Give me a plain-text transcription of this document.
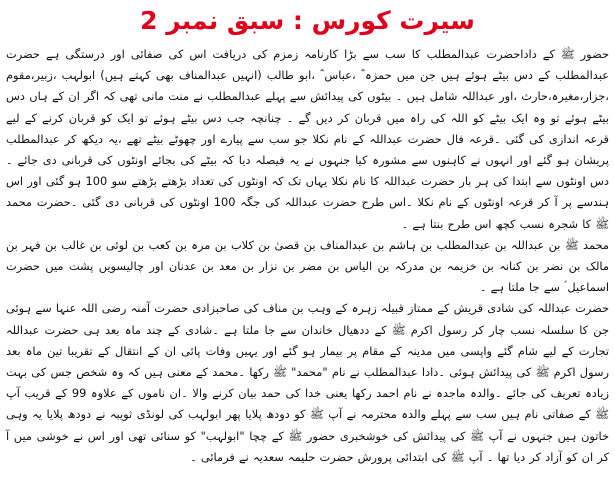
سیرت کورس : سبق نمبر 2

حضور ﷺ کے داداحضرت عبدالمطلب کا سب سے بڑا کارنامہ زمزم کی دریافت اس کی صفائی اور درستگی ہے حضرت عبدالمطلب کے دس بیٹے ہوئے ہیں جن میں حمزہ ؓ ،عباس ؓ ،ابو طالب (انہیں عبدالمناف بھی کہتے ہیں) ابولہب ،زبیر،مقوم ،جزار،مغیرہ،حارث ،اور عبداللہ شامل ہیں ۔ بیٹوں کی پیدائش سے پہلے عبدالمطلب نے منت مانی تھی کہ اگر ان کے ہاں دس بیٹے ہوئے تو وہ ایک بیٹے کو اللہ کی راہ میں قربان کر دیں گے ۔ چنانچہ جب دس بیٹے ہوئے تو ایک کو قربان کرنے کے لیے قرعہ اندازی کی گئی ۔قرعہ فال حضرت عبداللہ کے نام نکلا جو سب سے پیارے اور چھوٹے بیٹے تھے ،یہ دیکھ کر عبدالمطلب پریشان ہو گئے اور انہوں نے کاہنوں سے مشورہ کیا جنہوں نے یہ فیصلہ دیا کہ بیٹے کی بجائے اونٹوں کی قربانی دی جائے ۔دس اونٹوں سے ابتدا کی ہر بار حضرت عبداللہ کا نام نکلا یہاں تک کہ اونٹوں کی تعداد بڑھتے بڑھتے سو 100 ہو گئی اور اس ہندسے پر آ کر قرعہ اونٹوں کے نام نکلا ۔اس طرح حضرت عبداللہ کی جگہ 100 اونٹوں کی قربانی دی گئی ۔حضرت محمد ﷺ کا شجرہ نسب کچھ اس طرح بنتا ہے ۔

محمد ﷺ بن عبداللہ بن عبدالمطلب بن ہاشم بن عبدالمناف بن قصیٰ بن کلاب بن مرہ بن کعب بن لوئی بن غالب بن فہر بن مالک بن نضر بن کنانہ بن خزیمہ بن مدرکہ بن الیاس بن مضر بن نزار بن معد بن عدنان اور چالیسویں پشت میں حضرت اسماعیل ؑ سے جا ملتا ہے ۔

حضرت عبداللہ کی شادی قریش کے ممتاز قبیلہ زہرہ کے وہب بن مناف کی صاحبزادی حضرت آمنہ رضی اللہ عنہا سے ہوئی جن کا سلسلہ نسب چار کر رسول اکرم ﷺ کے ددھیال خاندان سے جا ملتا ہے ۔شادی کے چند ماہ بعد ہی حضرت عبداللہ تجارت کے لیے شام گئے واپسی میں مدینہ کے مقام پر بیمار ہو گئے اور یہیں وفات پائی ان کے انتقال کے تقریبا تین ماہ بعد رسول اکرم ﷺ کی پیدائش ہوئی ۔دادا عبدالمطلب نے نام "محمد" ﷺ رکھا ۔محمد کے معنی ہیں کہ وہ شخص جس کی بہت زیادہ تعریف کی جائے ۔والدہ ماجدہ نے نام احمد رکھا یعنی خدا کی حمد بیان کرنے والا ۔ان ناموں کے علاوہ 99 کے قریب آپ ﷺ کے صفاتی نام ہیں سب سے پہلے والدہ محترمہ نے آپ ﷺ کو دودھ پلایا پھر ابولہب کی لونڈی ثویبہ نے دودھ پلایا یہ وہی خاتون ہیں جنہوں نے آپ ﷺ کی پیدائش کی خوشخبری حضور ﷺ کے چچا "ابولہب" کو سنائی تھی اور اس نے خوشی میں آ کر ان کو آزاد کر دیا تھا ۔ آپ ﷺ کی ابتدائی پرورش حضرت حلیمہ سعدیہ نے فرمائی ۔
